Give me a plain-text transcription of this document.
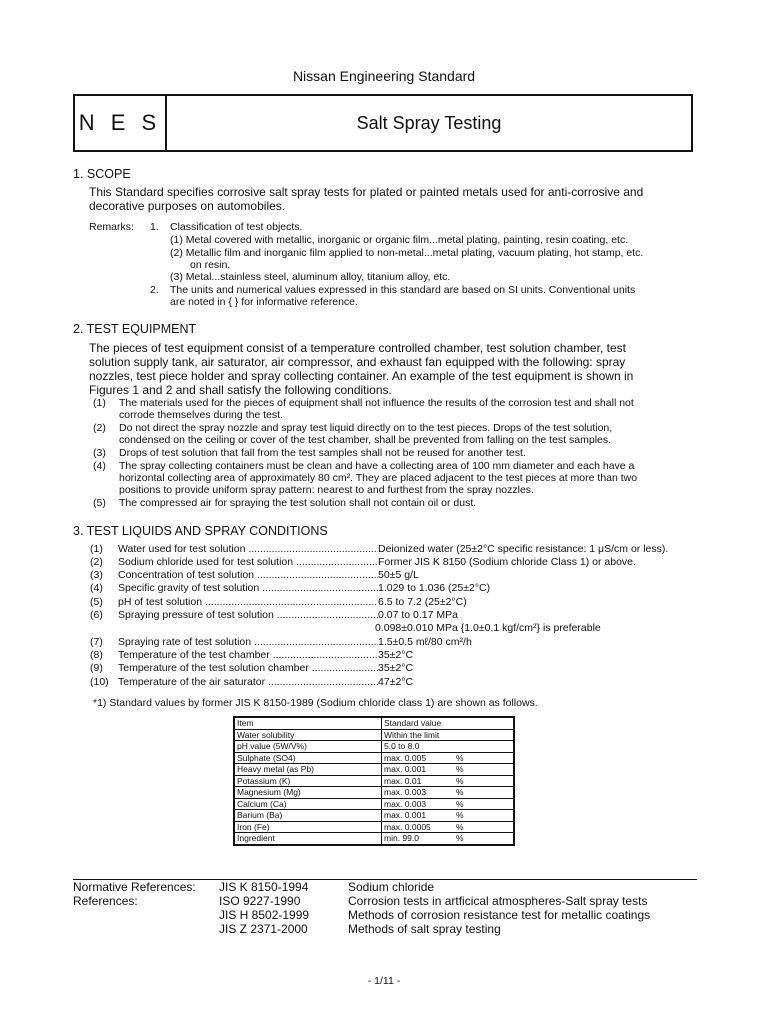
Nissan Engineering Standard
N E S	Salt Spray Testing
1. SCOPE
This Standard specifies corrosive salt spray tests for plated or painted metals used for anti-corrosive and
decorative purposes on automobiles.
Remarks: 1. Classification of test objects.
(1) Metal covered with metallic, inorganic or organic film...metal plating, painting, resin coating, etc.
(2) Metallic film and inorganic film applied to non-metal...metal plating, vacuum plating, hot stamp, etc.
on resin.
(3) Metal...stainless steel, aluminum alloy, titanium alloy, etc.
2. The units and numerical values expressed in this standard are based on SI units. Conventional units
are noted in { } for informative reference.
2. TEST EQUIPMENT
The pieces of test equipment consist of a temperature controlled chamber, test solution chamber, test
solution supply tank, air saturator, air compressor, and exhaust fan equipped with the following: spray
nozzles, test piece holder and spray collecting container. An example of the test equipment is shown in
Figures 1 and 2 and shall satisfy the following conditions.
(1) The materials used for the pieces of equipment shall not influence the results of the corrosion test and shall not
corrode themselves during the test.
(2) Do not direct the spray nozzle and spray test liquid directly on to the test pieces. Drops of the test solution,
condensed on the ceiling or cover of the test chamber, shall be prevented from falling on the test samples.
(3) Drops of test solution that fall from the test samples shall not be reused for another test.
(4) The spray collecting containers must be clean and have a collecting area of 100 mm diameter and each have a
horizontal collecting area of approximately 80 cm². They are placed adjacent to the test pieces at more than two
positions to provide uniform spray pattern: nearest to and furthest from the spray nozzles.
(5) The compressed air for spraying the test solution shall not contain oil or dust.
3. TEST LIQUIDS AND SPRAY CONDITIONS
(1)	Water used for test solution .....	Deionized water (25±2°C specific resistance: 1 μS/cm or less).
(2)	Sodium chloride used for test solution .....	Former JIS K 8150 (Sodium chloride Class 1) or above.
(3)	Concentration of test solution .....	50±5 g/L
(4)	Specific gravity of test solution .....	1.029 to 1.036 (25±2°C)
(5)	pH of test solution .....	6.5 to 7.2 (25±2°C)
(6)	Spraying pressure of test solution .....	0.07 to 0.17 MPa
0.098±0.010 MPa {1.0±0.1 kgf/cm²} is preferable
(7)	Spraying rate of test solution .....	1.5±0.5 mℓ/80 cm²/h
(8)	Temperature of the test chamber .....	35±2°C
(9)	Temperature of the test solution chamber .....	35±2°C
(10) Temperature of the air saturator .....	47±2°C
*1) Standard values by former JIS K 8150-1989 (Sodium chloride class 1) are shown as follows.
Item	Standard value
Water solubility	Within the limit
pH value (5W/V%)	5.0 to 8.0
Sulphate (SO4)	max. 0.005 %
Heavy metal (as Pb)	max. 0.001 %
Potassium (K)	max. 0.01 %
Magnesium (Mg)	max. 0.003 %
Calcium (Ca)	max. 0.003 %
Barium (Ba)	max. 0.001 %
Iron (Fe)	max. 0.0005 %
Ingredient	min. 99.0 %
Normative References: JIS K 8150-1994	Sodium chloride
References:	ISO 9227-1990	Corrosion tests in artficical atmospheres-Salt spray tests
JIS H 8502-1999	Methods of corrosion resistance test for metallic coatings
JIS Z 2371-2000	Methods of salt spray testing
- 1/11 -
